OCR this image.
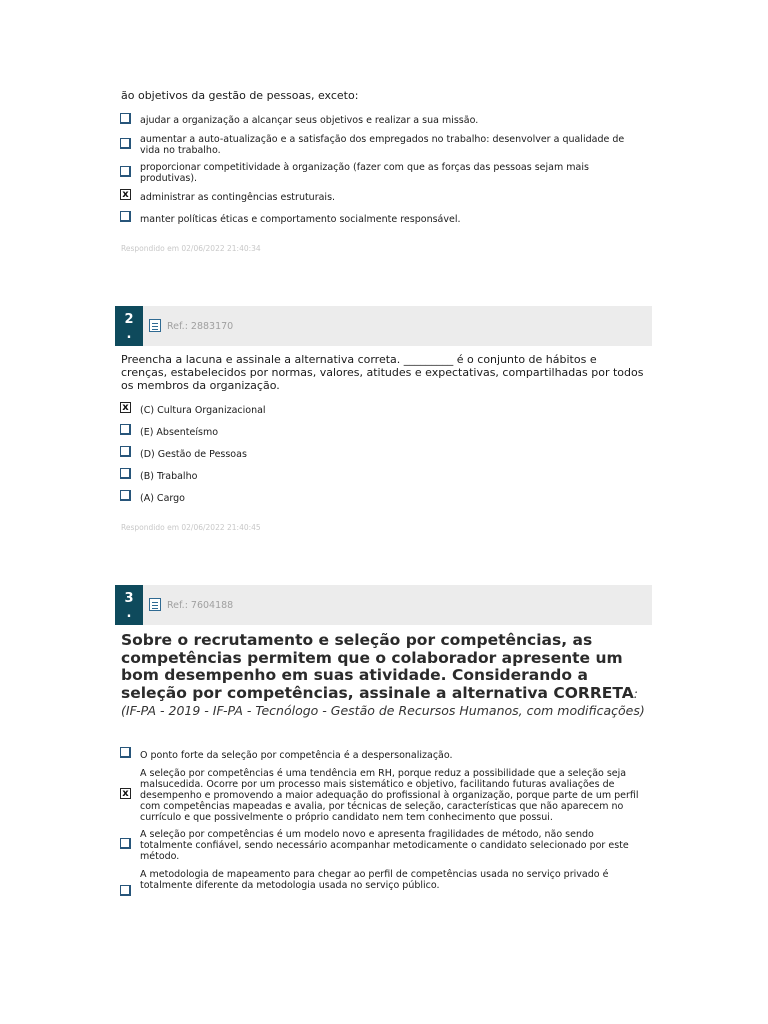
ão objetivos da gestão de pessoas, exceto:

ajudar a organização a alcançar seus objetivos e realizar a sua missão.
aumentar a auto-atualização e a satisfação dos empregados no trabalho: desenvolver a qualidade de vida no trabalho.
proporcionar competitividade à organização (fazer com que as forças das pessoas sejam mais produtivas).
x administrar as contingências estruturais.
manter políticas éticas e comportamento socialmente responsável.
Respondido em 02/06/2022 21:40:34
2
.
Ref.: 2883170

Preencha a lacuna e assinale a alternativa correta. _________ é o conjunto de hábitos e crenças, estabelecidos por normas, valores, atitudes e expectativas, compartilhadas por todos os membros da organização.

x (C) Cultura Organizacional
(E) Absenteísmo
(D) Gestão de Pessoas
(B) Trabalho
(A) Cargo
Respondido em 02/06/2022 21:40:45
3
.
Ref.: 7604188

Sobre o recrutamento e seleção por competências, as competências permitem que o colaborador apresente um bom desempenho em suas atividade. Considerando a seleção por competências, assinale a alternativa CORRETA: (IF-PA - 2019 - IF-PA - Tecnólogo - Gestão de Recursos Humanos, com modificações)

O ponto forte da seleção por competência é a despersonalização.
x
A seleção por competências é uma tendência em RH, porque reduz a possibilidade que a seleção seja malsucedida. Ocorre por um processo mais sistemático e objetivo, facilitando futuras avaliações de desempenho e promovendo a maior adequação do profissional à organização, porque parte de um perfil com competências mapeadas e avalia, por técnicas de seleção, características que não aparecem no currículo e que possivelmente o próprio candidato nem tem conhecimento que possui.
A seleção por competências é um modelo novo e apresenta fragilidades de método, não sendo totalmente confiável, sendo necessário acompanhar metodicamente o candidato selecionado por este método.
A metodologia de mapeamento para chegar ao perfil de competências usada no serviço privado é totalmente diferente da metodologia usada no serviço público.
